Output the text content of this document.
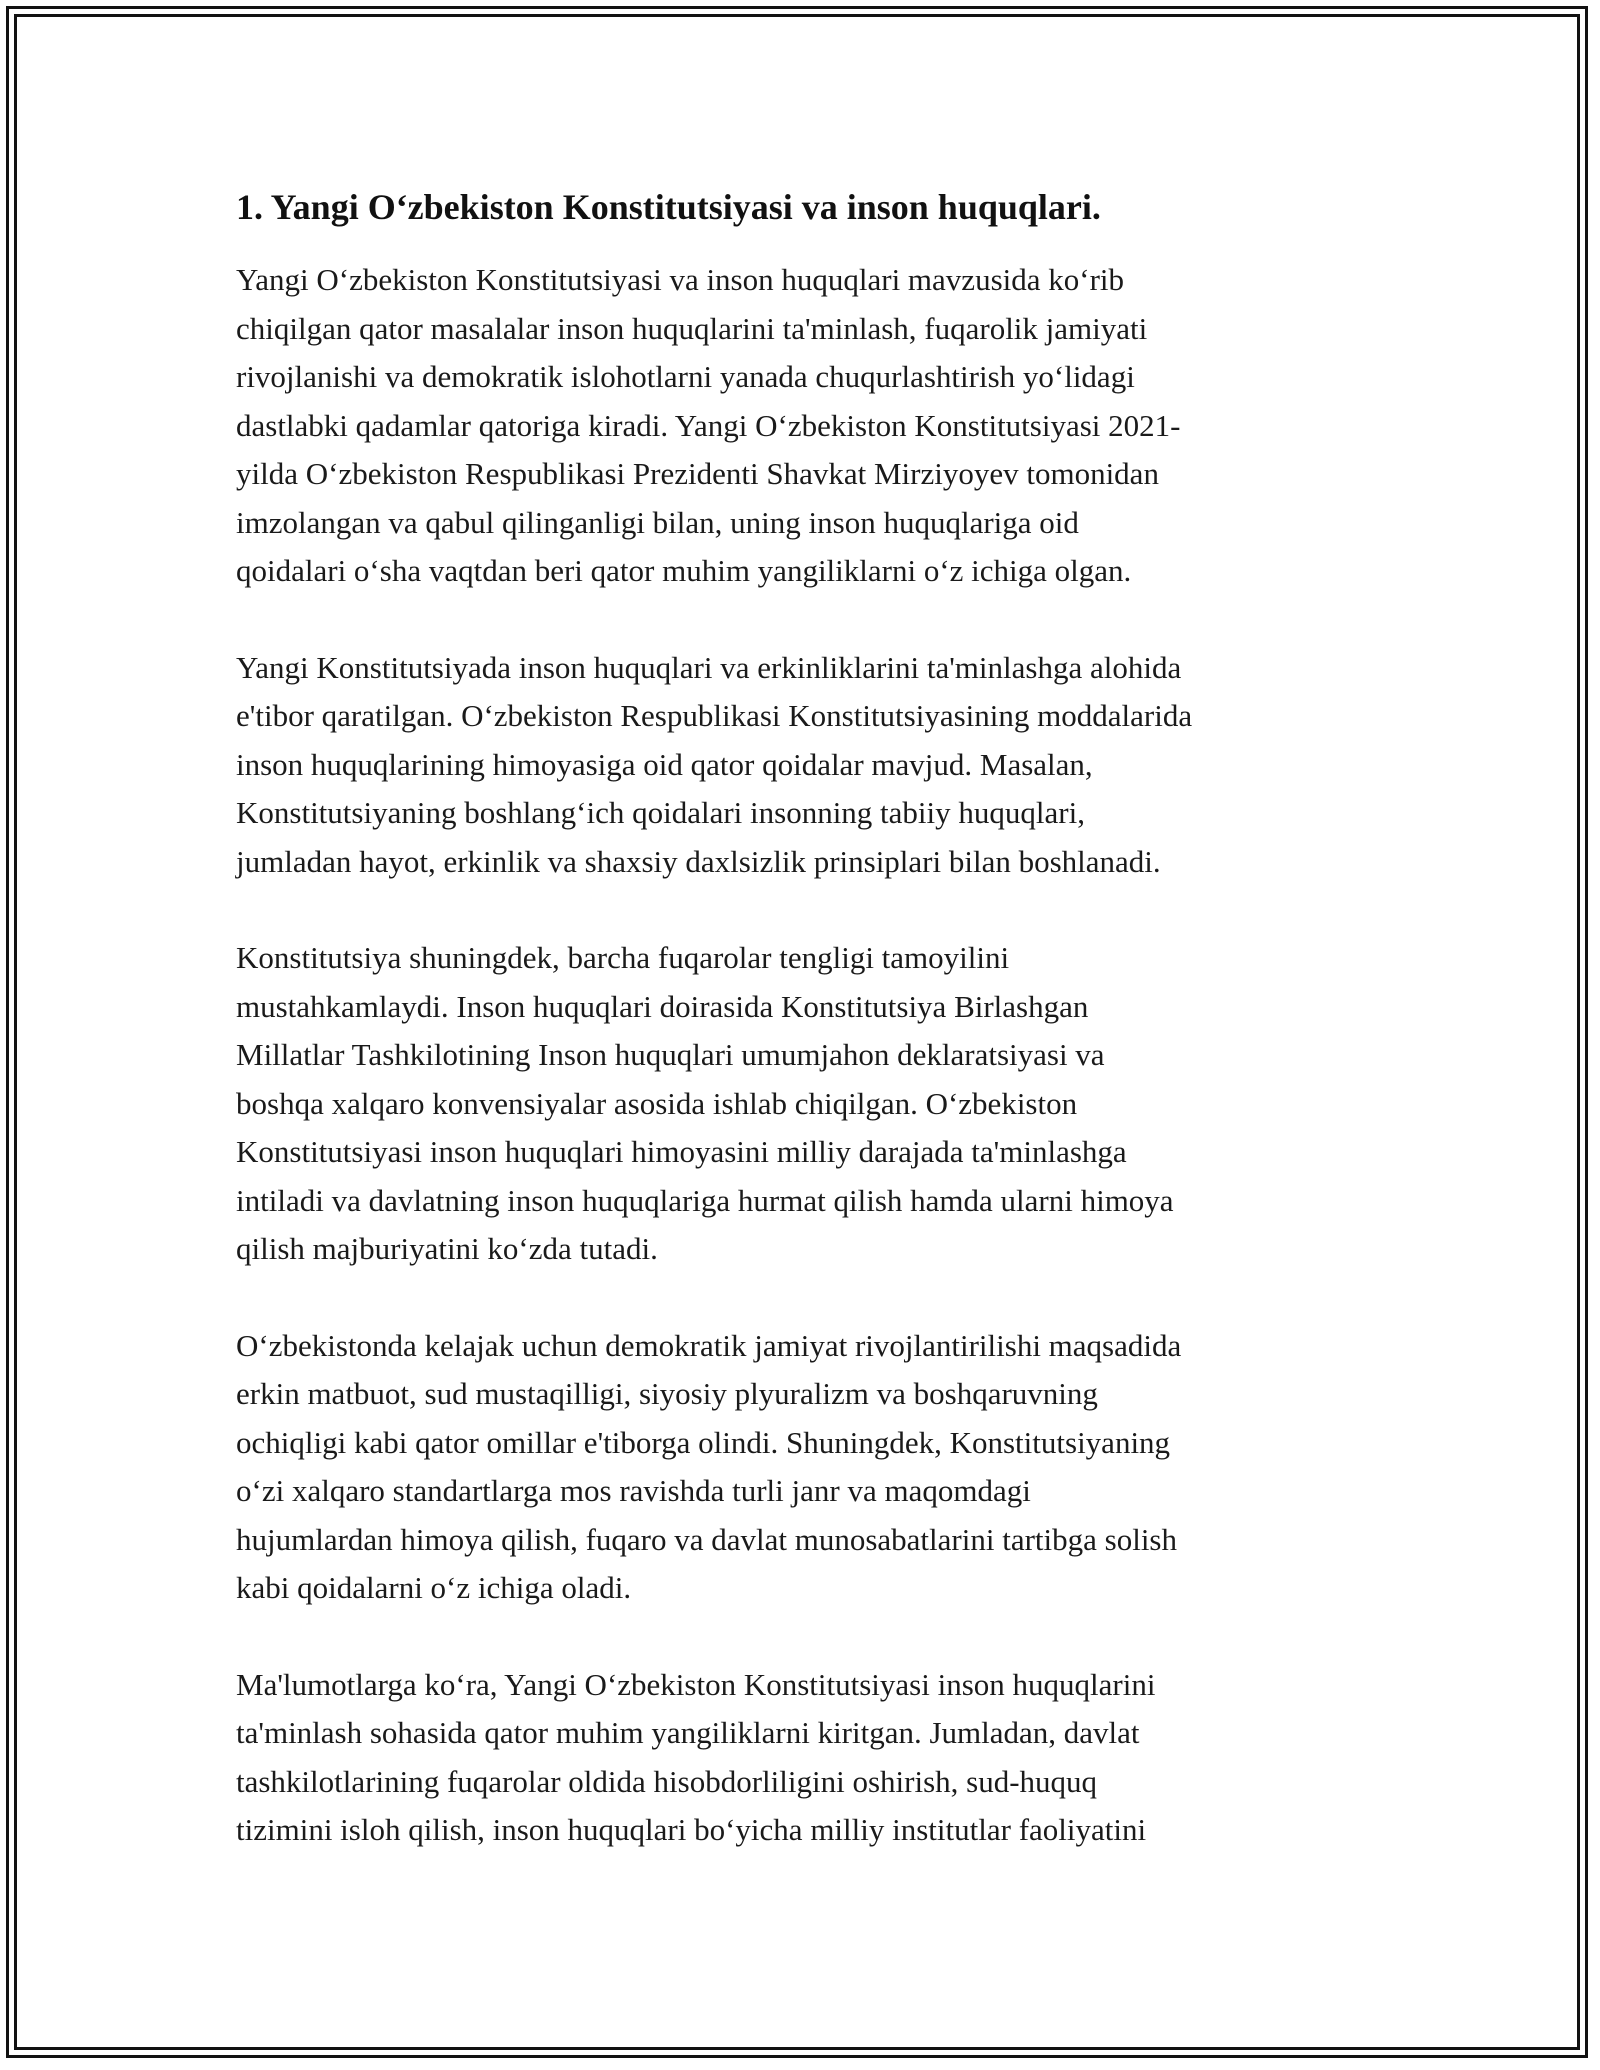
1. Yangi O‘zbekiston Konstitutsiyasi va inson huquqlari.

Yangi O‘zbekiston Konstitutsiyasi va inson huquqlari mavzusida ko‘rib
chiqilgan qator masalalar inson huquqlarini ta'minlash, fuqarolik jamiyati
rivojlanishi va demokratik islohotlarni yanada chuqurlashtirish yo‘lidagi
dastlabki qadamlar qatoriga kiradi. Yangi O‘zbekiston Konstitutsiyasi 2021-
yilda O‘zbekiston Respublikasi Prezidenti Shavkat Mirziyoyev tomonidan
imzolangan va qabul qilinganligi bilan, uning inson huquqlariga oid
qoidalari o‘sha vaqtdan beri qator muhim yangiliklarni o‘z ichiga olgan.

Yangi Konstitutsiyada inson huquqlari va erkinliklarini ta'minlashga alohida
e'tibor qaratilgan. O‘zbekiston Respublikasi Konstitutsiyasining moddalarida
inson huquqlarining himoyasiga oid qator qoidalar mavjud. Masalan,
Konstitutsiyaning boshlang‘ich qoidalari insonning tabiiy huquqlari,
jumladan hayot, erkinlik va shaxsiy daxlsizlik prinsiplari bilan boshlanadi.

Konstitutsiya shuningdek, barcha fuqarolar tengligi tamoyilini
mustahkamlaydi. Inson huquqlari doirasida Konstitutsiya Birlashgan
Millatlar Tashkilotining Inson huquqlari umumjahon deklaratsiyasi va
boshqa xalqaro konvensiyalar asosida ishlab chiqilgan. O‘zbekiston
Konstitutsiyasi inson huquqlari himoyasini milliy darajada ta'minlashga
intiladi va davlatning inson huquqlariga hurmat qilish hamda ularni himoya
qilish majburiyatini ko‘zda tutadi.

O‘zbekistonda kelajak uchun demokratik jamiyat rivojlantirilishi maqsadida
erkin matbuot, sud mustaqilligi, siyosiy plyuralizm va boshqaruvning
ochiqligi kabi qator omillar e'tiborga olindi. Shuningdek, Konstitutsiyaning
o‘zi xalqaro standartlarga mos ravishda turli janr va maqomdagi
hujumlardan himoya qilish, fuqaro va davlat munosabatlarini tartibga solish
kabi qoidalarni o‘z ichiga oladi.

Ma'lumotlarga ko‘ra, Yangi O‘zbekiston Konstitutsiyasi inson huquqlarini
ta'minlash sohasida qator muhim yangiliklarni kiritgan. Jumladan, davlat
tashkilotlarining fuqarolar oldida hisobdorliligini oshirish, sud-huquq
tizimini isloh qilish, inson huquqlari bo‘yicha milliy institutlar faoliyatini
